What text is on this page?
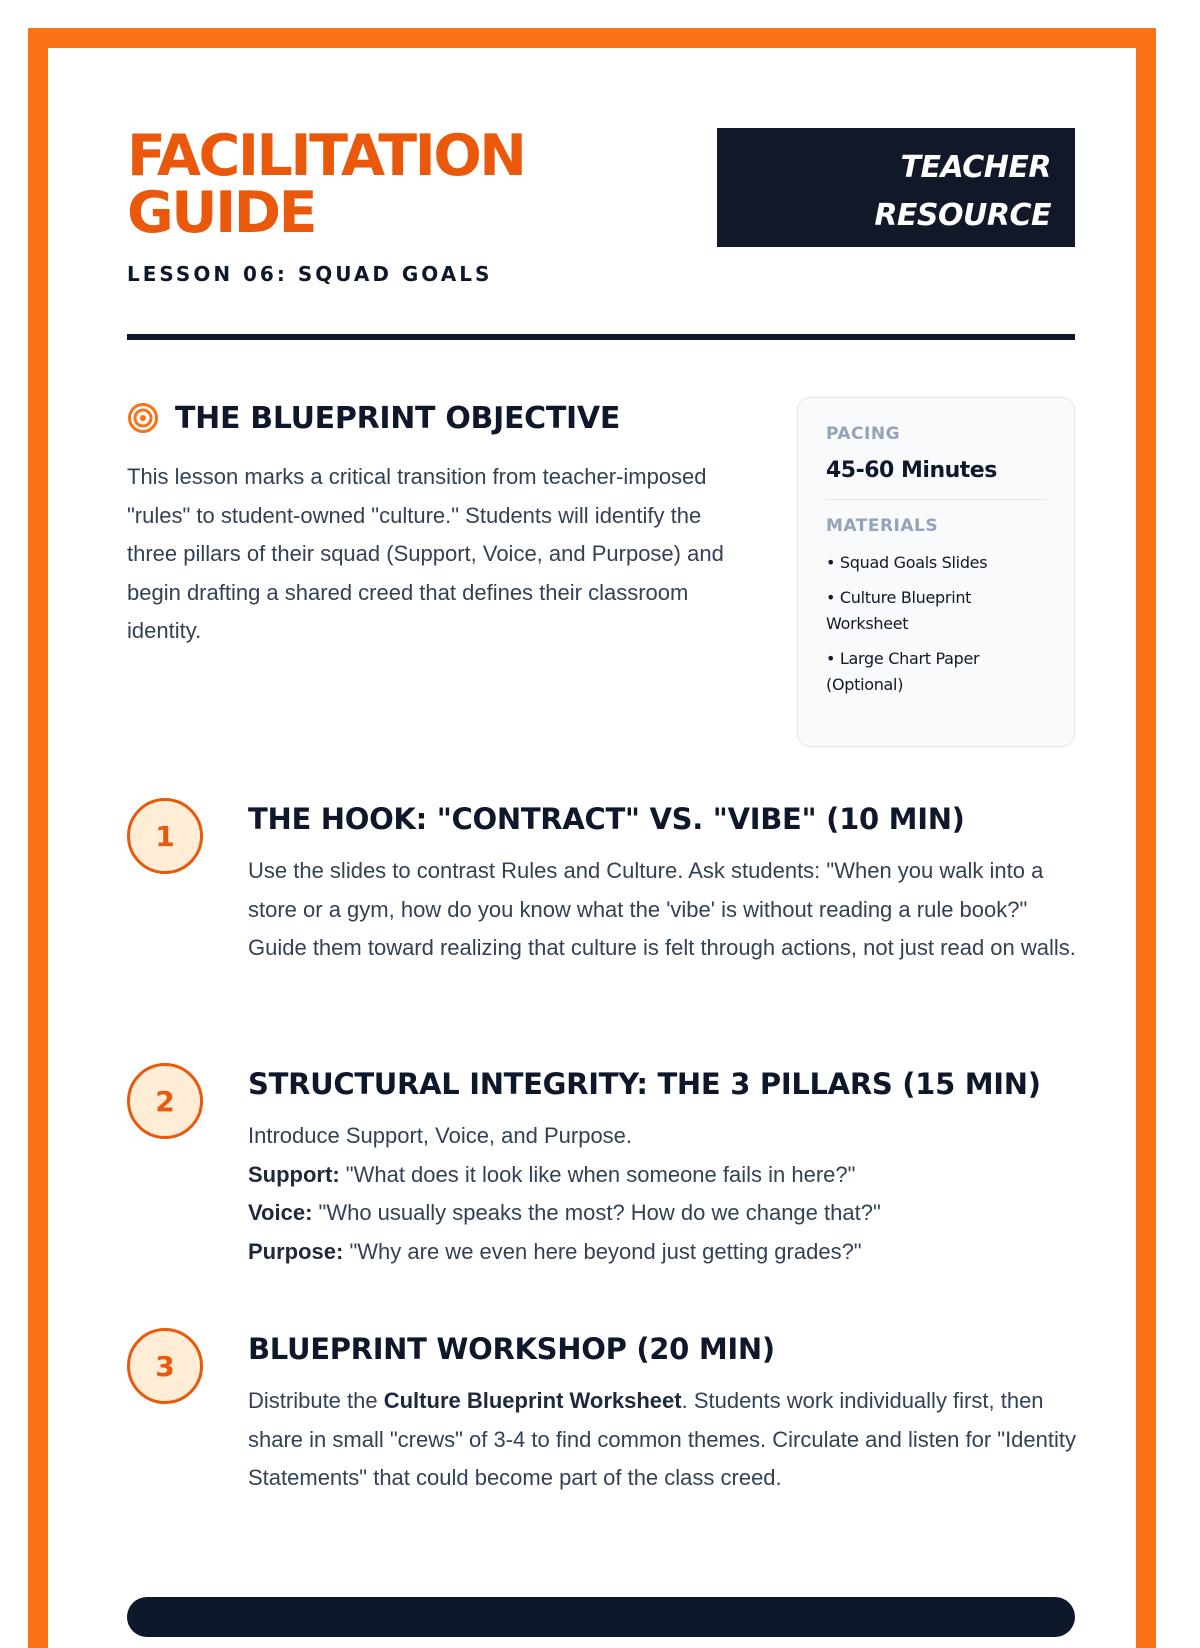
FACILITATION
GUIDE
LESSON 06: SQUAD GOALS
TEACHER
RESOURCE
THE BLUEPRINT OBJECTIVE

This lesson marks a critical transition from teacher-imposed "rules" to student-owned "culture." Students will identify the three pillars of their squad (Support, Voice, and Purpose) and begin drafting a shared creed that defines their classroom identity.

PACING
45-60 Minutes
MATERIALS
• Squad Goals Slides
• Culture Blueprint Worksheet
• Large Chart Paper (Optional)
1	THE HOOK: "CONTRACT" VS. "VIBE" (10 MIN)

Use the slides to contrast Rules and Culture. Ask students: "When you walk into a store or a gym, how do you know what the 'vibe' is without reading a rule book?" Guide them toward realizing that culture is felt through actions, not just read on walls.

2	STRUCTURAL INTEGRITY: THE 3 PILLARS (15 MIN)

Introduce Support, Voice, and Purpose.
Support: "What does it look like when someone fails in here?"
Voice: "Who usually speaks the most? How do we change that?"
Purpose: "Why are we even here beyond just getting grades?"

3	BLUEPRINT WORKSHOP (20 MIN)

Distribute the Culture Blueprint Worksheet. Students work individually first, then share in small "crews" of 3-4 to find common themes. Circulate and listen for "Identity Statements" that could become part of the class creed.
